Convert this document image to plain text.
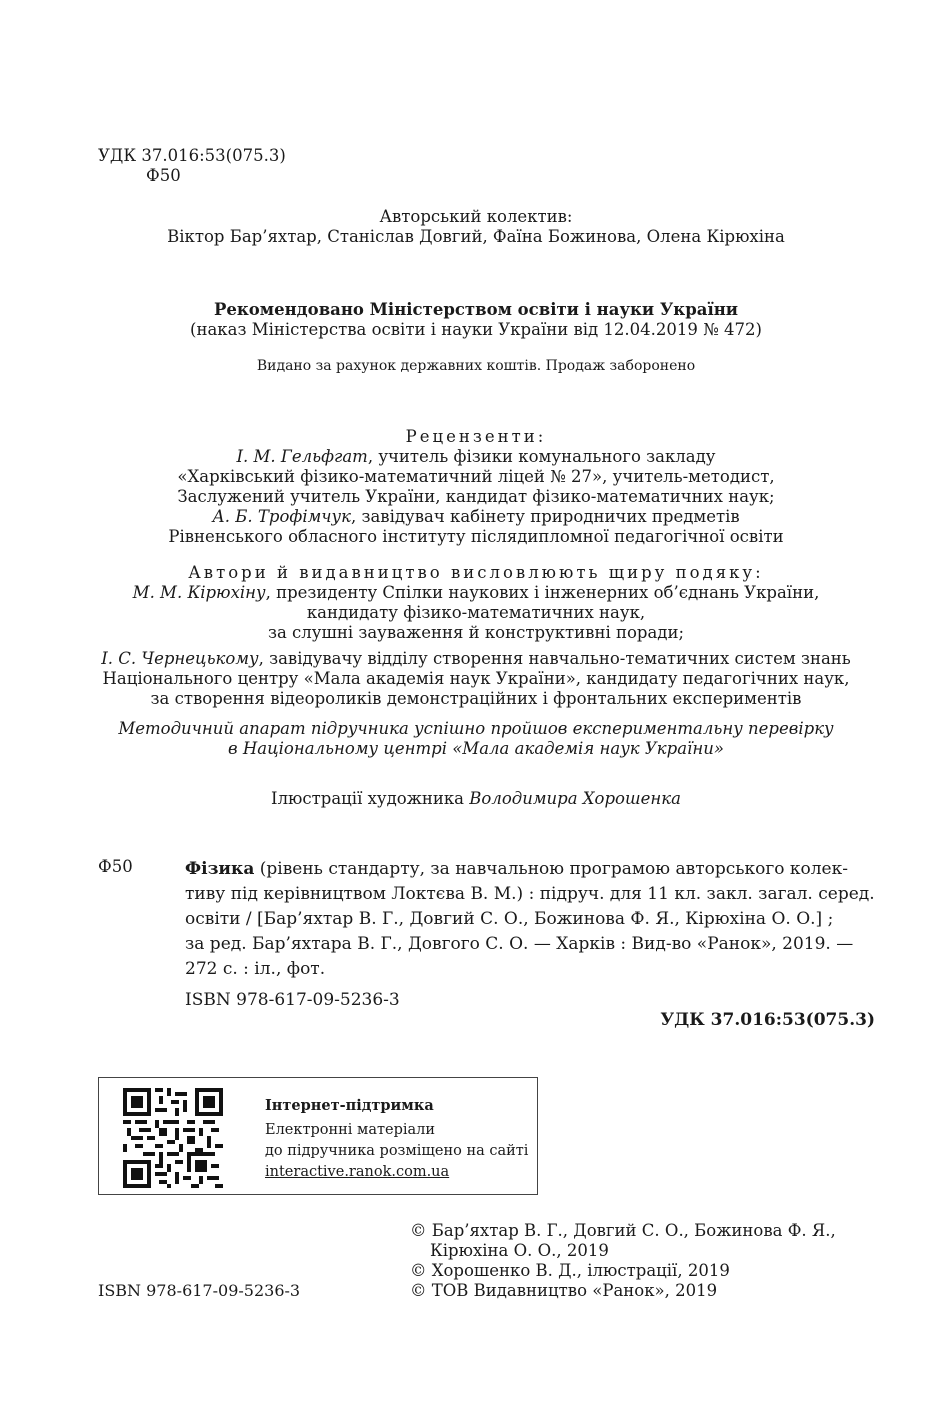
УДК 37.016:53(075.3)
Ф50
Авторський колектив:
Віктор Бар’яхтар, Станіслав Довгий, Фаїна Божинова, Олена Кірюхіна
Рекомендовано Міністерством освіти і науки України
(наказ Міністерства освіти і науки України від 12.04.2019 № 472)
Видано за рахунок державних коштів. Продаж заборонено
Рецензенти:
І. М. Гельфгат, учитель фізики комунального закладу
«Харківський фізико-математичний ліцей № 27», учитель-методист,
Заслужений учитель України, кандидат фізико-математичних наук;
А. Б. Трофімчук, завідувач кабінету природничих предметів
Рівненського обласного інституту післядипломної педагогічної освіти
Автори й видавництво висловлюють щиру подяку:
М. М. Кірюхіну, президенту Спілки наукових і інженерних об’єднань України,
кандидату фізико-математичних наук,
за слушні зауваження й конструктивні поради;
І. С. Чернецькому, завідувачу відділу створення навчально-тематичних систем знань
Національного центру «Мала академія наук України», кандидату педагогічних наук,
за створення відеороликів демонстраційних і фронтальних експериментів
Методичний апарат підручника успішно пройшов експериментальну перевірку
в Національному центрі «Мала академія наук України»
Ілюстрації художника Володимира Хорошенка
Ф50	Фізика (рівень стандарту, за навчальною програмою авторського колек-
тиву під керівництвом Локтєва В. М.) : підруч. для 11 кл. закл. загал. серед.
освіти / [Бар’яхтар В. Г., Довгий С. О., Божинова Ф. Я., Кірюхіна О. О.] ;
за ред. Бар’яхтара В. Г., Довгого С. О. — Харків : Вид-во «Ранок», 2019. —
272 с. : іл., фот.
ISBN 978-617-09-5236-3
УДК 37.016:53(075.3)
Інтернет-підтримка
Електронні матеріали
до підручника розміщено на сайті
interactive.ranok.com.ua
ISBN 978-617-09-5236-3
© Бар’яхтар В. Г., Довгий С. О., Божинова Ф. Я.,
Кірюхіна О. О., 2019
© Хорошенко В. Д., ілюстрації, 2019
© ТОВ Видавництво «Ранок», 2019
